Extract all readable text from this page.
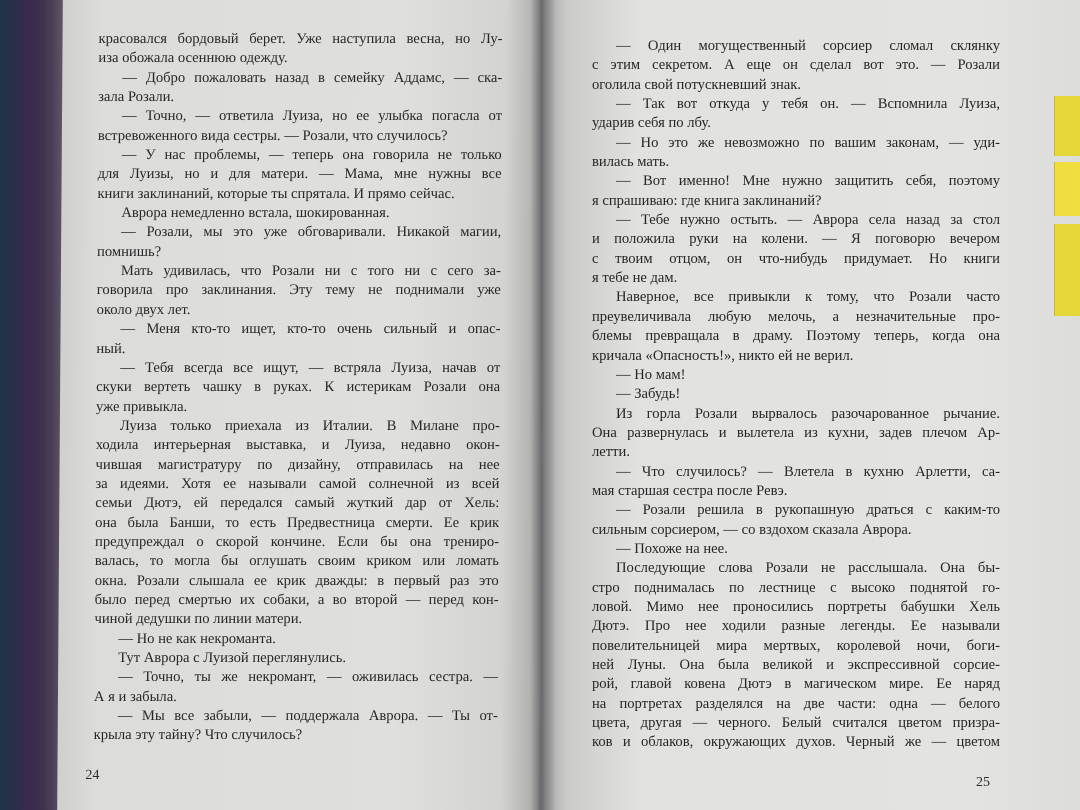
красовался бордовый берет. Уже наступила весна, но Лу-
иза обожала осеннюю одежду.
— Добро пожаловать назад в семейку Аддамс, — ска-
зала Розали.
— Точно, — ответила Луиза, но ее улыбка погасла от
встревоженного вида сестры. — Розали, что случилось?
— У нас проблемы, — теперь она говорила не только
для Луизы, но и для матери. — Мама, мне нужны все
книги заклинаний, которые ты спрятала. И прямо сейчас.
Аврора немедленно встала, шокированная.
— Розали, мы это уже обговаривали. Никакой магии,
помнишь?
Мать удивилась, что Розали ни с того ни с сего за-
говорила про заклинания. Эту тему не поднимали уже
около двух лет.
— Меня кто-то ищет, кто-то очень сильный и опас-
ный.
— Тебя всегда все ищут, — встряла Луиза, начав от
скуки вертеть чашку в руках. К истерикам Розали она
уже привыкла.
Луиза только приехала из Италии. В Милане про-
ходила интерьерная выставка, и Луиза, недавно окон-
чившая магистратуру по дизайну, отправилась на нее
за идеями. Хотя ее называли самой солнечной из всей
семьи Дютэ, ей передался самый жуткий дар от Хель:
она была Банши, то есть Предвестница смерти. Ее крик
предупреждал о скорой кончине. Если бы она трениро-
валась, то могла бы оглушать своим криком или ломать
окна. Розали слышала ее крик дважды: в первый раз это
было перед смертью их собаки, а во второй — перед кон-
чиной дедушки по линии матери.
— Но не как некроманта.
Тут Аврора с Луизой переглянулись.
— Точно, ты же некромант, — оживилась сестра. —
А я и забыла.
— Мы все забыли, — поддержала Аврора. — Ты от-
крыла эту тайну? Что случилось?
24
— Один могущественный сорсиер сломал склянку
с этим секретом. А еще он сделал вот это. — Розали
оголила свой потускневший знак.
— Так вот откуда у тебя он. — Вспомнила Луиза,
ударив себя по лбу.
— Но это же невозможно по вашим законам, — уди-
вилась мать.
— Вот именно! Мне нужно защитить себя, поэтому
я спрашиваю: где книга заклинаний?
— Тебе нужно остыть. — Аврора села назад за стол
и положила руки на колени. — Я поговорю вечером
с твоим отцом, он что-нибудь придумает. Но книги
я тебе не дам.
Наверное, все привыкли к тому, что Розали часто
преувеличивала любую мелочь, а незначительные про-
блемы превращала в драму. Поэтому теперь, когда она
кричала «Опасность!», никто ей не верил.
— Но мам!
— Забудь!
Из горла Розали вырвалось разочарованное рычание.
Она развернулась и вылетела из кухни, задев плечом Ар-
летти.
— Что случилось? — Влетела в кухню Арлетти, са-
мая старшая сестра после Ревэ.
— Розали решила в рукопашную драться с каким-то
сильным сорсиером, — со вздохом сказала Аврора.
— Похоже на нее.
Последующие слова Розали не расслышала. Она бы-
стро поднималась по лестнице с высоко поднятой го-
ловой. Мимо нее проносились портреты бабушки Хель
Дютэ. Про нее ходили разные легенды. Ее называли
повелительницей мира мертвых, королевой ночи, боги-
ней Луны. Она была великой и экспрессивной сорсие-
рой, главой ковена Дютэ в магическом мире. Ее наряд
на портретах разделялся на две части: одна — белого
цвета, другая — черного. Белый считался цветом призра-
ков и облаков, окружающих духов. Черный же — цветом
25
